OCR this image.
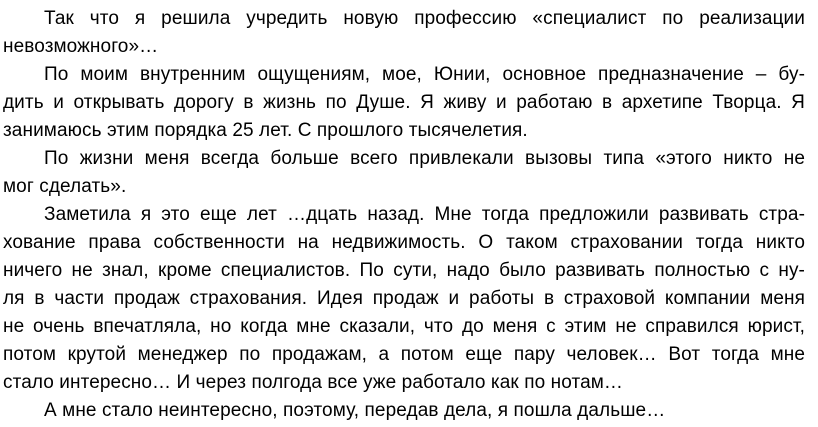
Так что я решила учредить новую профессию «специалист по реализации
невозможного»…
По моим внутренним ощущениям, мое, Юнии, основное предназначение – бу-
дить и открывать дорогу в жизнь по Душе. Я живу и работаю в архетипе Творца. Я
занимаюсь этим порядка 25 лет. С прошлого тысячелетия.
По жизни меня всегда больше всего привлекали вызовы типа «этого никто не
мог сделать».
Заметила я это еще лет …дцать назад. Мне тогда предложили развивать стра-
хование права собственности на недвижимость. О таком страховании тогда никто
ничего не знал, кроме специалистов. По сути, надо было развивать полностью с ну-
ля в части продаж страхования. Идея продаж и работы в страховой компании меня
не очень впечатляла, но когда мне сказали, что до меня с этим не справился юрист,
потом крутой менеджер по продажам, а потом еще пару человек… Вот тогда мне
стало интересно… И через полгода все уже работало как по нотам…
А мне стало неинтересно, поэтому, передав дела, я пошла дальше…
